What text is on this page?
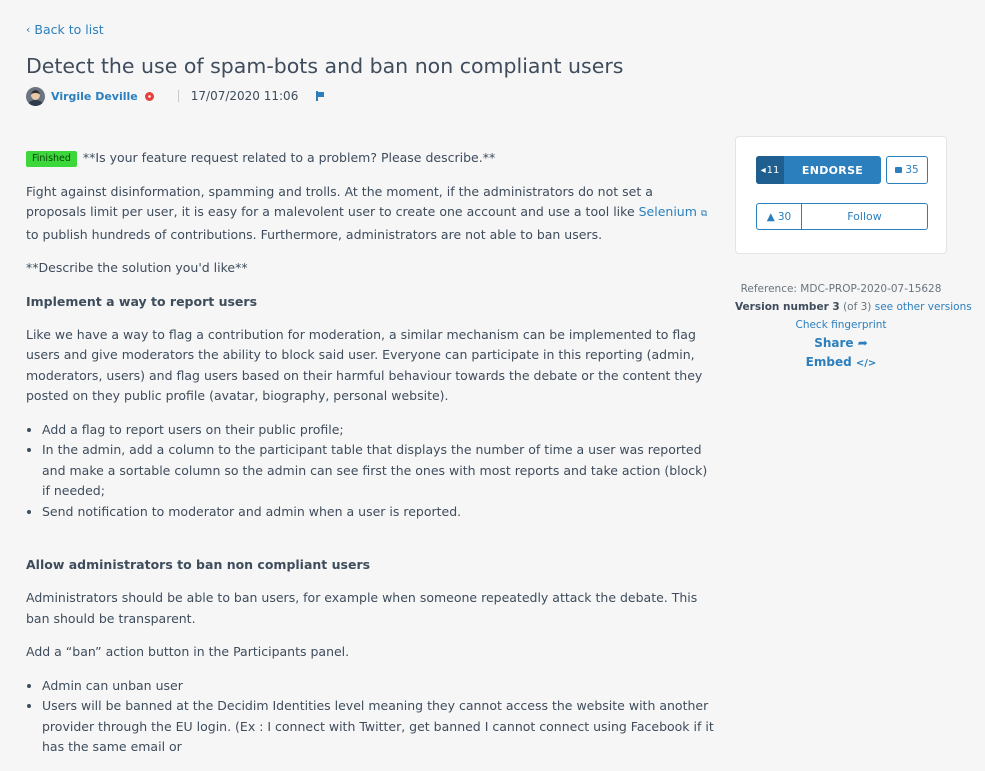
‹ Back to list
Detect the use of spam-bots and ban non compliant users
Virgile Deville	17/07/2020 11:06

Finished **Is your feature request related to a problem? Please describe.**

Fight against disinformation, spamming and trolls. At the moment, if the administrators do not set a proposals limit per user, it is easy for a malevolent user to create one account and use a tool like Selenium ⧉ to publish hundreds of contributions. Furthermore, administrators are not able to ban users.

**Describe the solution you'd like**

Implement a way to report users

Like we have a way to flag a contribution for moderation, a similar mechanism can be implemented to flag users and give moderators the ability to block said user. Everyone can participate in this reporting (admin, moderators, users) and flag users based on their harmful behaviour towards the debate or the content they posted on they public profile (avatar, biography, personal website).

• Add a flag to report users on their public profile;
• In the admin, add a column to the participant table that displays the number of time a user was reported and make a sortable column so the admin can see first the ones with most reports and take action (block) if needed;
• Send notification to moderator and admin when a user is reported.
Allow administrators to ban non compliant users

Administrators should be able to ban users, for example when someone repeatedly attack the debate. This ban should be transparent.

Add a “ban” action button in the Participants panel.

• Admin can unban user
• Users will be banned at the Decidim Identities level meaning they cannot access the website with another provider through the EU login. (Ex : I connect with Twitter, get banned I cannot connect using Facebook if it has the same email or
◂ 11	ENDORSE	35
▲ 30	Follow
Reference: MDC-PROP-2020-07-15628
Version number 3 (of 3) see other versions
Check fingerprint
Share ➦
Embed </>
